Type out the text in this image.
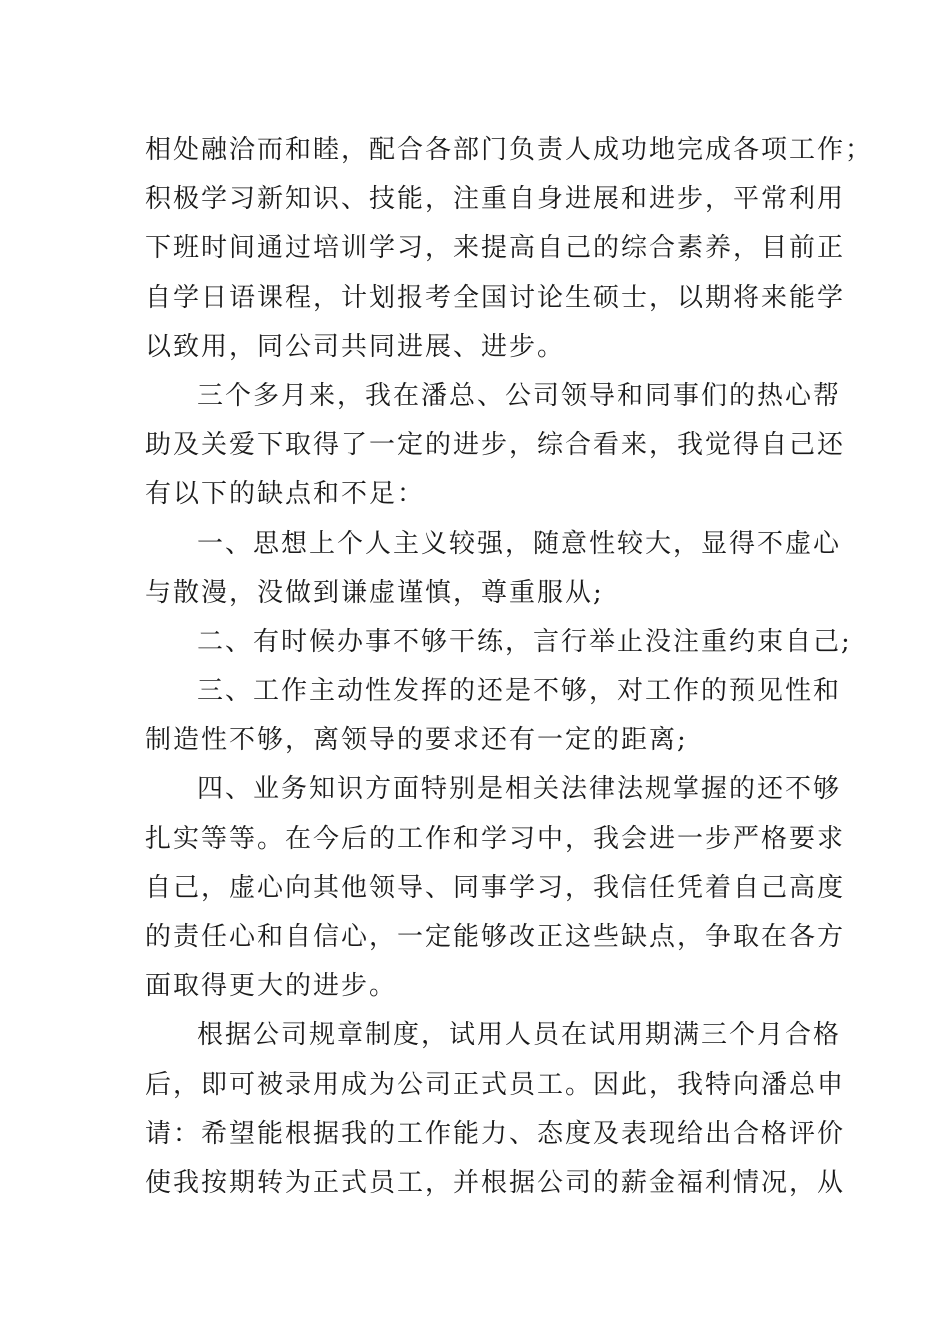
相处融洽而和睦，配合各部门负责人成功地完成各项工作；
积极学习新知识、技能，注重自身进展和进步，平常利用
下班时间通过培训学习，来提高自己的综合素养，目前正
自学日语课程，计划报考全国讨论生硕士，以期将来能学
以致用，同公司共同进展、进步。
三个多月来，我在潘总、公司领导和同事们的热心帮
助及关爱下取得了一定的进步，综合看来，我觉得自己还
有以下的缺点和不足：
一、思想上个人主义较强，随意性较大，显得不虚心
与散漫，没做到谦虚谨慎，尊重服从;
二、有时候办事不够干练，言行举止没注重约束自己;
三、工作主动性发挥的还是不够，对工作的预见性和
制造性不够，离领导的要求还有一定的距离;
四、业务知识方面特别是相关法律法规掌握的还不够
扎实等等。在今后的工作和学习中，我会进一步严格要求
自己，虚心向其他领导、同事学习，我信任凭着自己高度
的责任心和自信心，一定能够改正这些缺点，争取在各方
面取得更大的进步。
根据公司规章制度，试用人员在试用期满三个月合格
后，即可被录用成为公司正式员工。因此，我特向潘总申
请：希望能根据我的工作能力、态度及表现给出合格评价
使我按期转为正式员工，并根据公司的薪金福利情况，从
